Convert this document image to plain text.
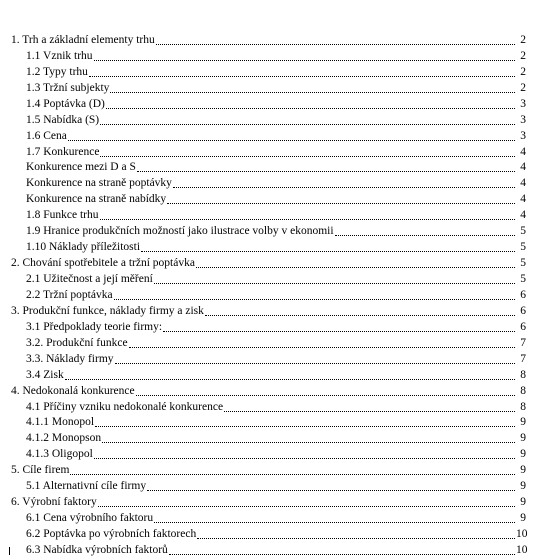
1. Trh a základní elementy trhu	2
1.1 Vznik trhu	2
1.2 Typy trhu	2
1.3 Tržní subjekty	2
1.4 Poptávka (D)	3
1.5 Nabídka (S)	3
1.6 Cena	3
1.7 Konkurence	4
Konkurence mezi D a S	4
Konkurence na straně poptávky	4
Konkurence na straně nabídky	4
1.8 Funkce trhu	4
1.9 Hranice produkčních možností jako ilustrace volby v ekonomii	5
1.10 Náklady příležitosti	5
2. Chování spotřebitele a tržní poptávka	5
2.1 Užitečnost a její měření	5
2.2 Tržní poptávka	6
3. Produkční funkce, náklady firmy a zisk	6
3.1 Předpoklady teorie firmy:	6
3.2. Produkční funkce	7
3.3. Náklady firmy	7
3.4 Zisk	8
4. Nedokonalá konkurence	8
4.1 Příčiny vzniku nedokonalé konkurence	8
4.1.1 Monopol	9
4.1.2 Monopson	9
4.1.3 Oligopol	9
5. Cíle firem	9
5.1 Alternativní cíle firmy	9
6. Výrobní faktory	9
6.1 Cena výrobního faktoru	9
6.2 Poptávka po výrobních faktorech	10
6.3 Nabídka výrobních faktorů	10
